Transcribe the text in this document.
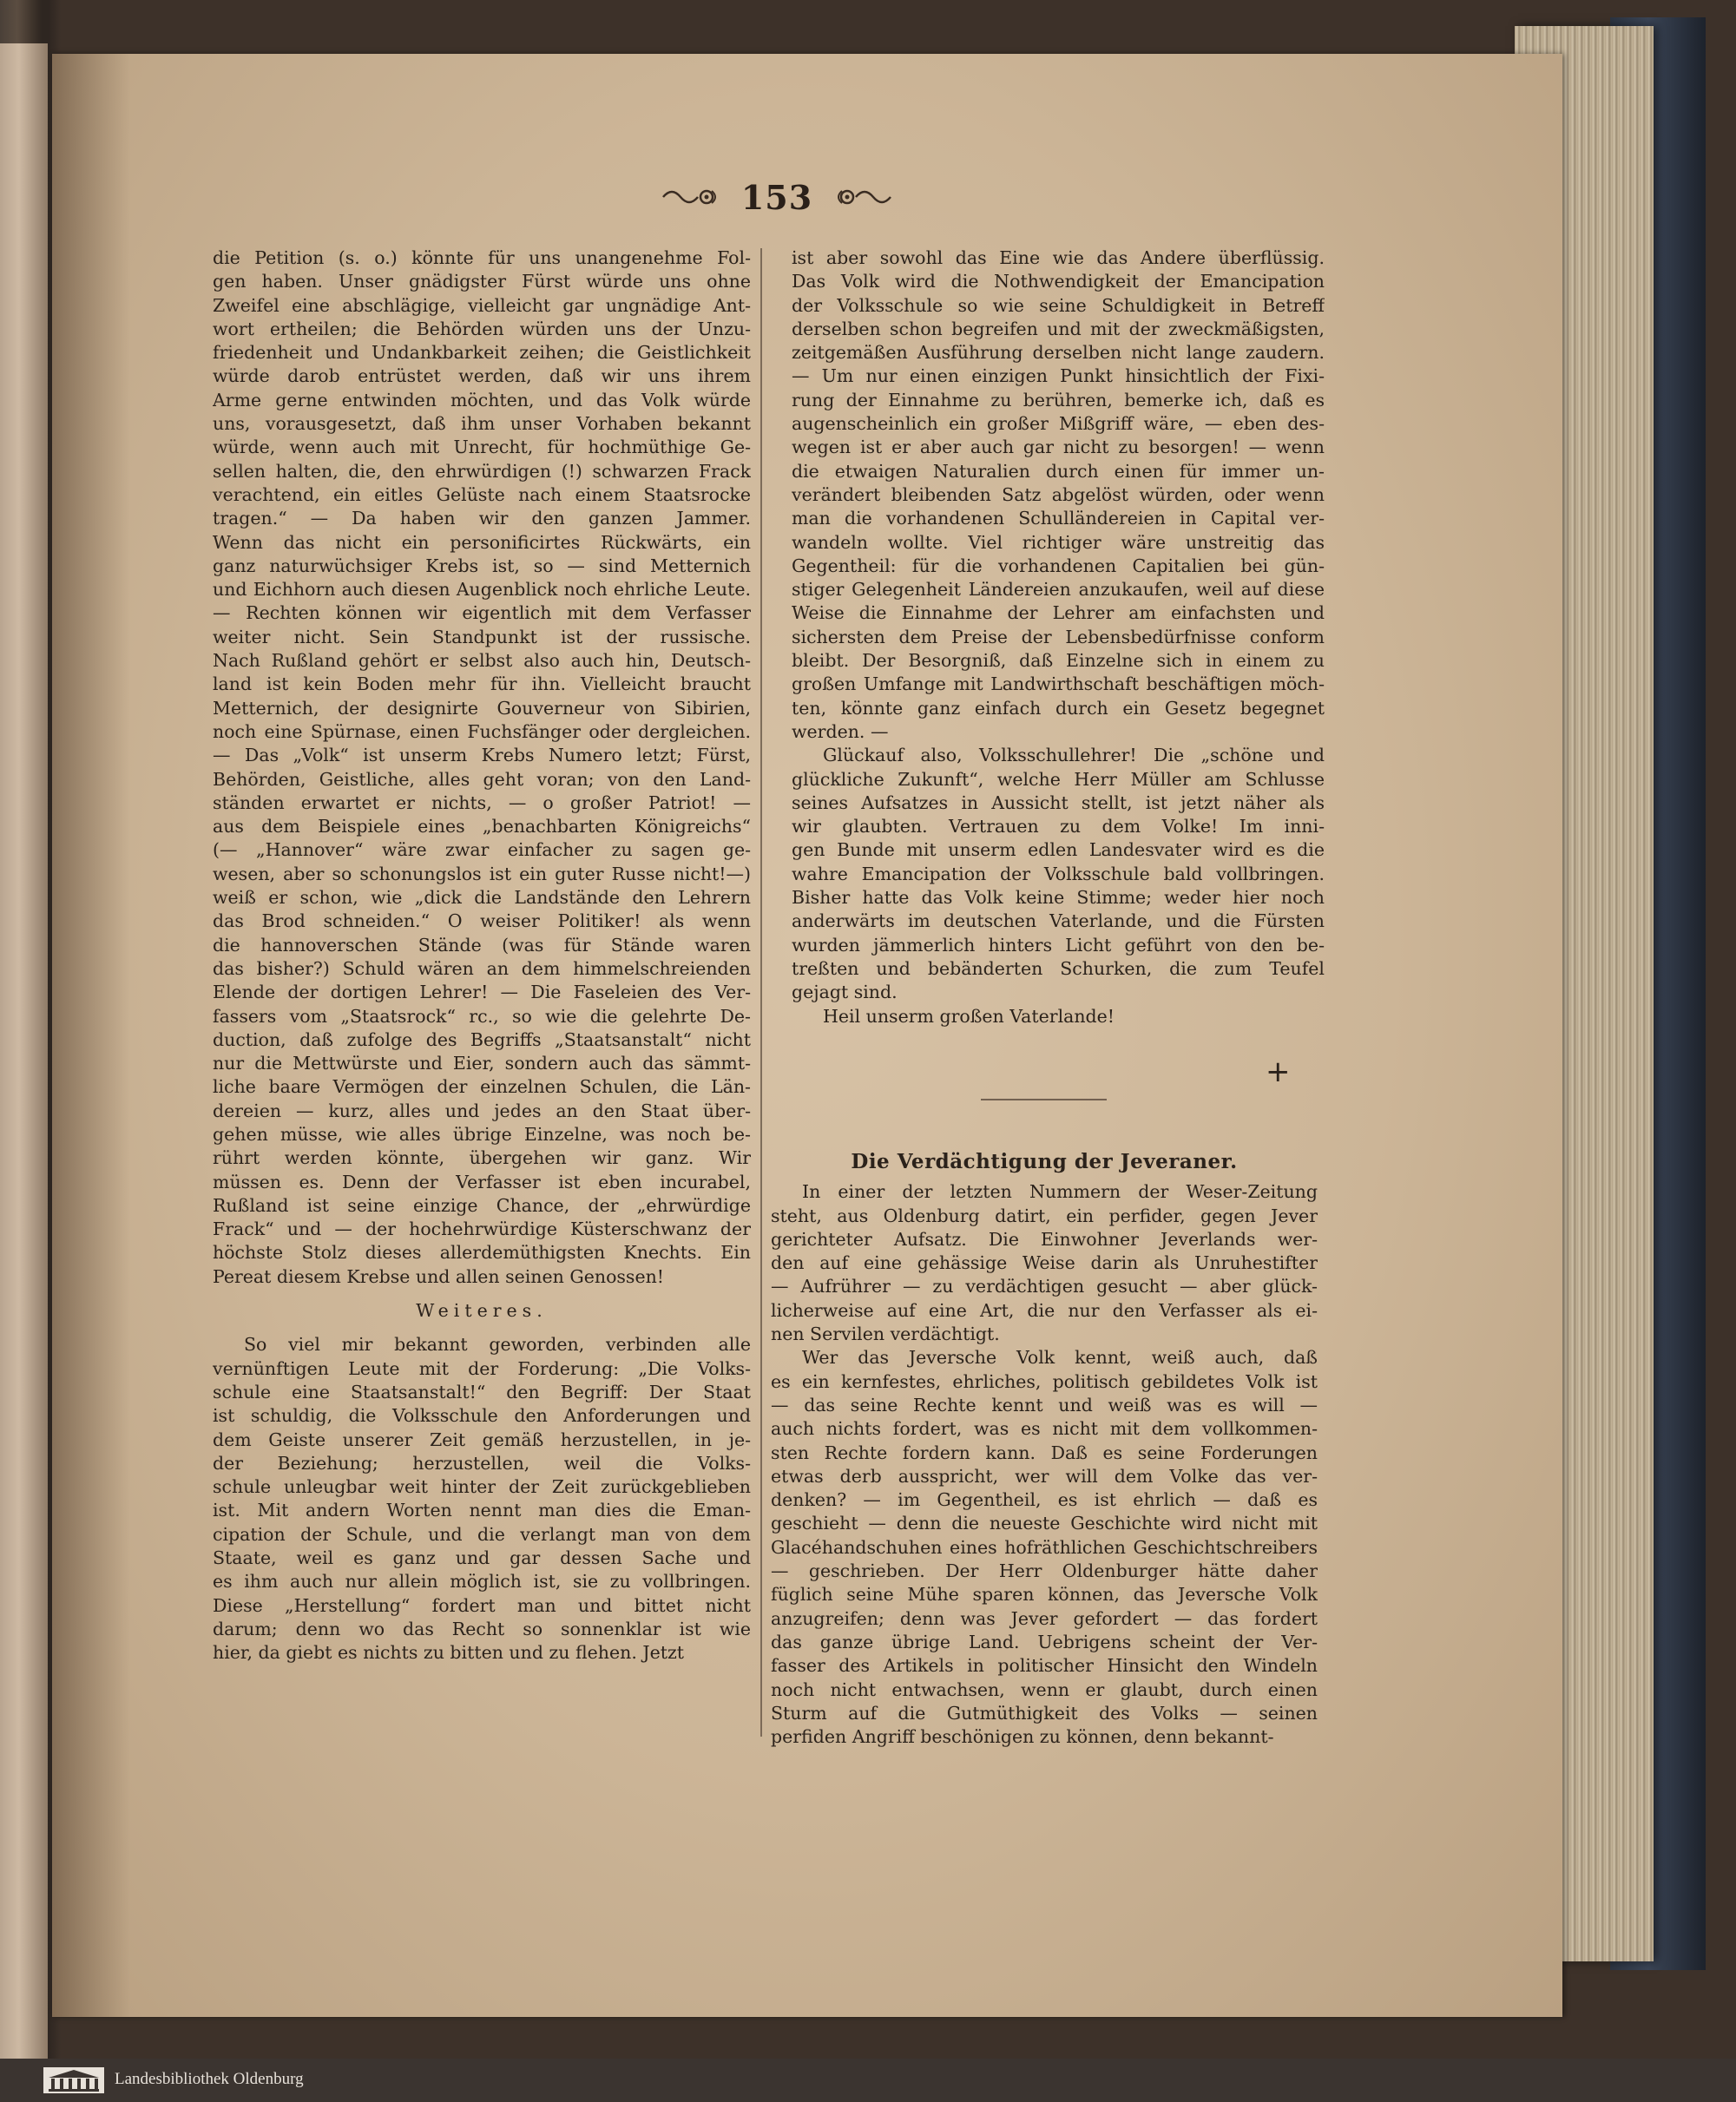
153

die Petition (s. o.) könnte für uns unangenehme Fol-

gen haben. Unser gnädigster Fürst würde uns ohne

Zweifel eine abschlägige, vielleicht gar ungnädige Ant-

wort ertheilen; die Behörden würden uns der Unzu-

friedenheit und Undankbarkeit zeihen; die Geistlichkeit

würde darob entrüstet werden, daß wir uns ihrem

Arme gerne entwinden möchten, und das Volk würde

uns, vorausgesetzt, daß ihm unser Vorhaben bekannt

würde, wenn auch mit Unrecht, für hochmüthige Ge-

sellen halten, die, den ehrwürdigen (!) schwarzen Frack

verachtend, ein eitles Gelüste nach einem Staatsrocke

tragen.“ — Da haben wir den ganzen Jammer.

Wenn das nicht ein personificirtes Rückwärts, ein

ganz naturwüchsiger Krebs ist, so — sind Metternich

und Eichhorn auch diesen Augenblick noch ehrliche Leute.

— Rechten können wir eigentlich mit dem Verfasser

weiter nicht. Sein Standpunkt ist der russische.

Nach Rußland gehört er selbst also auch hin, Deutsch-

land ist kein Boden mehr für ihn. Vielleicht braucht

Metternich, der designirte Gouverneur von Sibirien,

noch eine Spürnase, einen Fuchsfänger oder dergleichen.

— Das „Volk“ ist unserm Krebs Numero letzt; Fürst,

Behörden, Geistliche, alles geht voran; von den Land-

ständen erwartet er nichts, — o großer Patriot! —

aus dem Beispiele eines „benachbarten Königreichs“

(— „Hannover“ wäre zwar einfacher zu sagen ge-

wesen, aber so schonungslos ist ein guter Russe nicht!—)

weiß er schon, wie „dick die Landstände den Lehrern

das Brod schneiden.“ O weiser Politiker! als wenn

die hannoverschen Stände (was für Stände waren

das bisher?) Schuld wären an dem himmelschreienden

Elende der dortigen Lehrer! — Die Faseleien des Ver-

fassers vom „Staatsrock“ rc., so wie die gelehrte De-

duction, daß zufolge des Begriffs „Staatsanstalt“ nicht

nur die Mettwürste und Eier, sondern auch das sämmt-

liche baare Vermögen der einzelnen Schulen, die Län-

dereien — kurz, alles und jedes an den Staat über-

gehen müsse, wie alles übrige Einzelne, was noch be-

rührt werden könnte, übergehen wir ganz. Wir

müssen es. Denn der Verfasser ist eben incurabel,

Rußland ist seine einzige Chance, der „ehrwürdige

Frack“ und — der hochehrwürdige Küsterschwanz der

höchste Stolz dieses allerdemüthigsten Knechts. Ein

Pereat diesem Krebse und allen seinen Genossen!

Weiteres.

So viel mir bekannt geworden, verbinden alle

vernünftigen Leute mit der Forderung: „Die Volks-

schule eine Staatsanstalt!“ den Begriff: Der Staat

ist schuldig, die Volksschule den Anforderungen und

dem Geiste unserer Zeit gemäß herzustellen, in je-

der Beziehung; herzustellen, weil die Volks-

schule unleugbar weit hinter der Zeit zurückgeblieben

ist. Mit andern Worten nennt man dies die Eman-

cipation der Schule, und die verlangt man von dem

Staate, weil es ganz und gar dessen Sache und

es ihm auch nur allein möglich ist, sie zu vollbringen.

Diese „Herstellung“ fordert man und bittet nicht

darum; denn wo das Recht so sonnenklar ist wie

hier, da giebt es nichts zu bitten und zu flehen. Jetzt

ist aber sowohl das Eine wie das Andere überflüssig.

Das Volk wird die Nothwendigkeit der Emancipation

der Volksschule so wie seine Schuldigkeit in Betreff

derselben schon begreifen und mit der zweckmäßigsten,

zeitgemäßen Ausführung derselben nicht lange zaudern.

— Um nur einen einzigen Punkt hinsichtlich der Fixi-

rung der Einnahme zu berühren, bemerke ich, daß es

augenscheinlich ein großer Mißgriff wäre, — eben des-

wegen ist er aber auch gar nicht zu besorgen! — wenn

die etwaigen Naturalien durch einen für immer un-

verändert bleibenden Satz abgelöst würden, oder wenn

man die vorhandenen Schulländereien in Capital ver-

wandeln wollte. Viel richtiger wäre unstreitig das

Gegentheil: für die vorhandenen Capitalien bei gün-

stiger Gelegenheit Ländereien anzukaufen, weil auf diese

Weise die Einnahme der Lehrer am einfachsten und

sichersten dem Preise der Lebensbedürfnisse conform

bleibt. Der Besorgniß, daß Einzelne sich in einem zu

großen Umfange mit Landwirthschaft beschäftigen möch-

ten, könnte ganz einfach durch ein Gesetz begegnet

werden. —

Glückauf also, Volksschullehrer! Die „schöne und

glückliche Zukunft“, welche Herr Müller am Schlusse

seines Aufsatzes in Aussicht stellt, ist jetzt näher als

wir glaubten. Vertrauen zu dem Volke! Im inni-

gen Bunde mit unserm edlen Landesvater wird es die

wahre Emancipation der Volksschule bald vollbringen.

Bisher hatte das Volk keine Stimme; weder hier noch

anderwärts im deutschen Vaterlande, und die Fürsten

wurden jämmerlich hinters Licht geführt von den be-

treßten und bebänderten Schurken, die zum Teufel

gejagt sind.

Heil unserm großen Vaterlande!

+

Die Verdächtigung der Jeveraner.

In einer der letzten Nummern der Weser-Zeitung

steht, aus Oldenburg datirt, ein perfider, gegen Jever

gerichteter Aufsatz. Die Einwohner Jeverlands wer-

den auf eine gehässige Weise darin als Unruhestifter

— Aufrührer — zu verdächtigen gesucht — aber glück-

licherweise auf eine Art, die nur den Verfasser als ei-

nen Servilen verdächtigt.

Wer das Jeversche Volk kennt, weiß auch, daß

es ein kernfestes, ehrliches, politisch gebildetes Volk ist

— das seine Rechte kennt und weiß was es will —

auch nichts fordert, was es nicht mit dem vollkommen-

sten Rechte fordern kann. Daß es seine Forderungen

etwas derb ausspricht, wer will dem Volke das ver-

denken? — im Gegentheil, es ist ehrlich — daß es

geschieht — denn die neueste Geschichte wird nicht mit

Glacéhandschuhen eines hofräthlichen Geschichtschreibers

— geschrieben. Der Herr Oldenburger hätte daher

füglich seine Mühe sparen können, das Jeversche Volk

anzugreifen; denn was Jever gefordert — das fordert

das ganze übrige Land. Uebrigens scheint der Ver-

fasser des Artikels in politischer Hinsicht den Windeln

noch nicht entwachsen, wenn er glaubt, durch einen

Sturm auf die Gutmüthigkeit des Volks — seinen

perfiden Angriff beschönigen zu können, denn bekannt-

Landesbibliothek Oldenburg
